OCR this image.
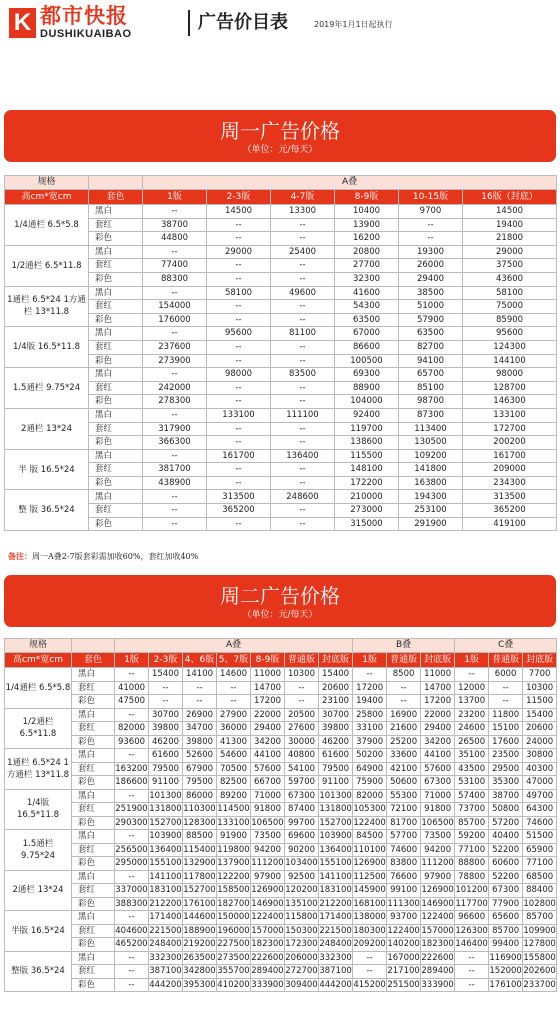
K 都市快报
DUSHIKUAIBAO
广告价目表	2019年1月1日起执行
周一广告价格
（单位：元/每天）
规格		A叠					
高cm*宽cm	套色	1版	2-3版	4-7版	8-9版	10-15版	16版（封底）
1/4通栏 6.5*5.8	黑白	--	14500	13300	10400	9700	14500
	套红	38700	--	--	13900	--	19400
	彩色	44800	--	--	16200	--	21800
1/2通栏 6.5*11.8	黑白	--	29000	25400	20800	19300	29000
	套红	77400	--	--	27700	26000	37500
	彩色	88300	--	--	32300	29400	43600
1通栏 6.5*24 1方通栏 13*11.8	黑白	--	58100	49600	41600	38500	58100
	套红	154000	--	--	54300	51000	75000
	彩色	176000	--	--	63500	57900	85900
1/4版 16.5*11.8	黑白	--	95600	81100	67000	63500	95600
	套红	237600	--	--	86600	82700	124300
	彩色	273900	--	--	100500	94100	144100
1.5通栏 9.75*24	黑白	--	98000	83500	69300	65700	98000
	套红	242000	--	--	88900	85100	128700
	彩色	278300	--	--	104000	98700	146300
2通栏 13*24	黑白	--	133100	111100	92400	87300	133100
	套红	317900	--	--	119700	113400	172700
	彩色	366300	--	--	138600	130500	200200
半 版 16.5*24	黑白	--	161700	136400	115500	109200	161700
	套红	381700	--	--	148100	141800	209000
	彩色	438900	--	--	172200	163800	234300
整 版 36.5*24	黑白	--	313500	248600	210000	194300	313500
	套红	--	365200	--	273000	253100	365200
	彩色	--	--	--	315000	291900	419100
备注：周一A叠2-7版套彩需加收60%，套红加收40%
周二广告价格
（单位：元/每天）
规格		A叠							B叠			C叠		
高cm*宽cm	套色	1版	2-3版	4、6版	5、7版	8-9版	普通版	封底版	1版	普通版	封底版	1版	普通版	封底版
1/4通栏 6.5*5.8	黑白	--	15400	14100	14600	11000	10300	15400	--	8500	11000	--	6000	7700
	套红	41000	--	--	--	14700	--	20600	17200	--	14700	12000	--	10300
	彩色	47500	--	--	--	17200	--	23100	19400	--	17200	13700	--	11500
1/2通栏 6.5*11.8	黑白	--	30700	26900	27900	22000	20500	30700	25800	16900	22000	23200	11800	15400
	套红	82000	39800	34700	36000	29400	27600	39800	33100	21600	29400	24600	15100	20600
	彩色	93600	46200	39800	41300	34200	30000	46200	37900	25200	34200	26500	17600	24000
1通栏 6.5*24 1方通栏 13*11.8	黑白	--	61600	52600	54600	44100	40800	61600	50200	33600	44100	35100	23500	30800
	套红	163200	79500	67900	70500	57600	54100	79500	64900	42100	57600	43500	29500	40300
	彩色	186600	91100	79500	82500	66700	59700	91100	75900	50600	67300	53100	35300	47000
1/4版 16.5*11.8	黑白	--	101300	86000	89200	71000	67300	101300	82000	55300	71000	57400	38700	49700
	套红	251900	131800	110300	114500	91800	87400	131800	105300	72100	91800	73700	50800	64300
	彩色	290300	152700	128300	133100	106500	99700	152700	122400	81700	106500	85700	57200	74600
1.5通栏 9.75*24	黑白	--	103900	88500	91900	73500	69600	103900	84500	57700	73500	59200	40400	51500
	套红	256500	136400	115400	119800	94200	90200	136400	110100	74600	94200	77100	52200	65900
	彩色	295000	155100	132900	137900	111200	103400	155100	126900	83800	111200	88800	60600	77100
2通栏 13*24	黑白	--	141100	117800	122200	97900	92500	141100	112500	76600	97900	78800	52200	68500
	套红	337000	183100	152700	158500	126900	120200	183100	145900	99100	126900	101200	67300	88400
	彩色	388300	212200	176100	182700	146900	135100	212200	168100	111300	146900	117700	77900	102800
半版 16.5*24	黑白	--	171400	144600	150000	122400	115800	171400	138000	93700	122400	96600	65600	85700
	套红	404600	221500	188900	196000	157000	150300	221500	180300	122400	157000	126300	85700	109900
	彩色	465200	248400	219200	227500	182300	172300	248400	209200	140200	182300	146400	99400	127800
整版 36.5*24	黑白	--	332300	263500	273500	222600	206000	332300	--	167000	222600	--	116900	155800
	套红	--	387100	342800	355700	289400	272700	387100	--	217100	289400	--	152000	202600
	彩色	--	444200	395300	410200	333900	309400	444200	415200	251500	333900	--	176100	233700
